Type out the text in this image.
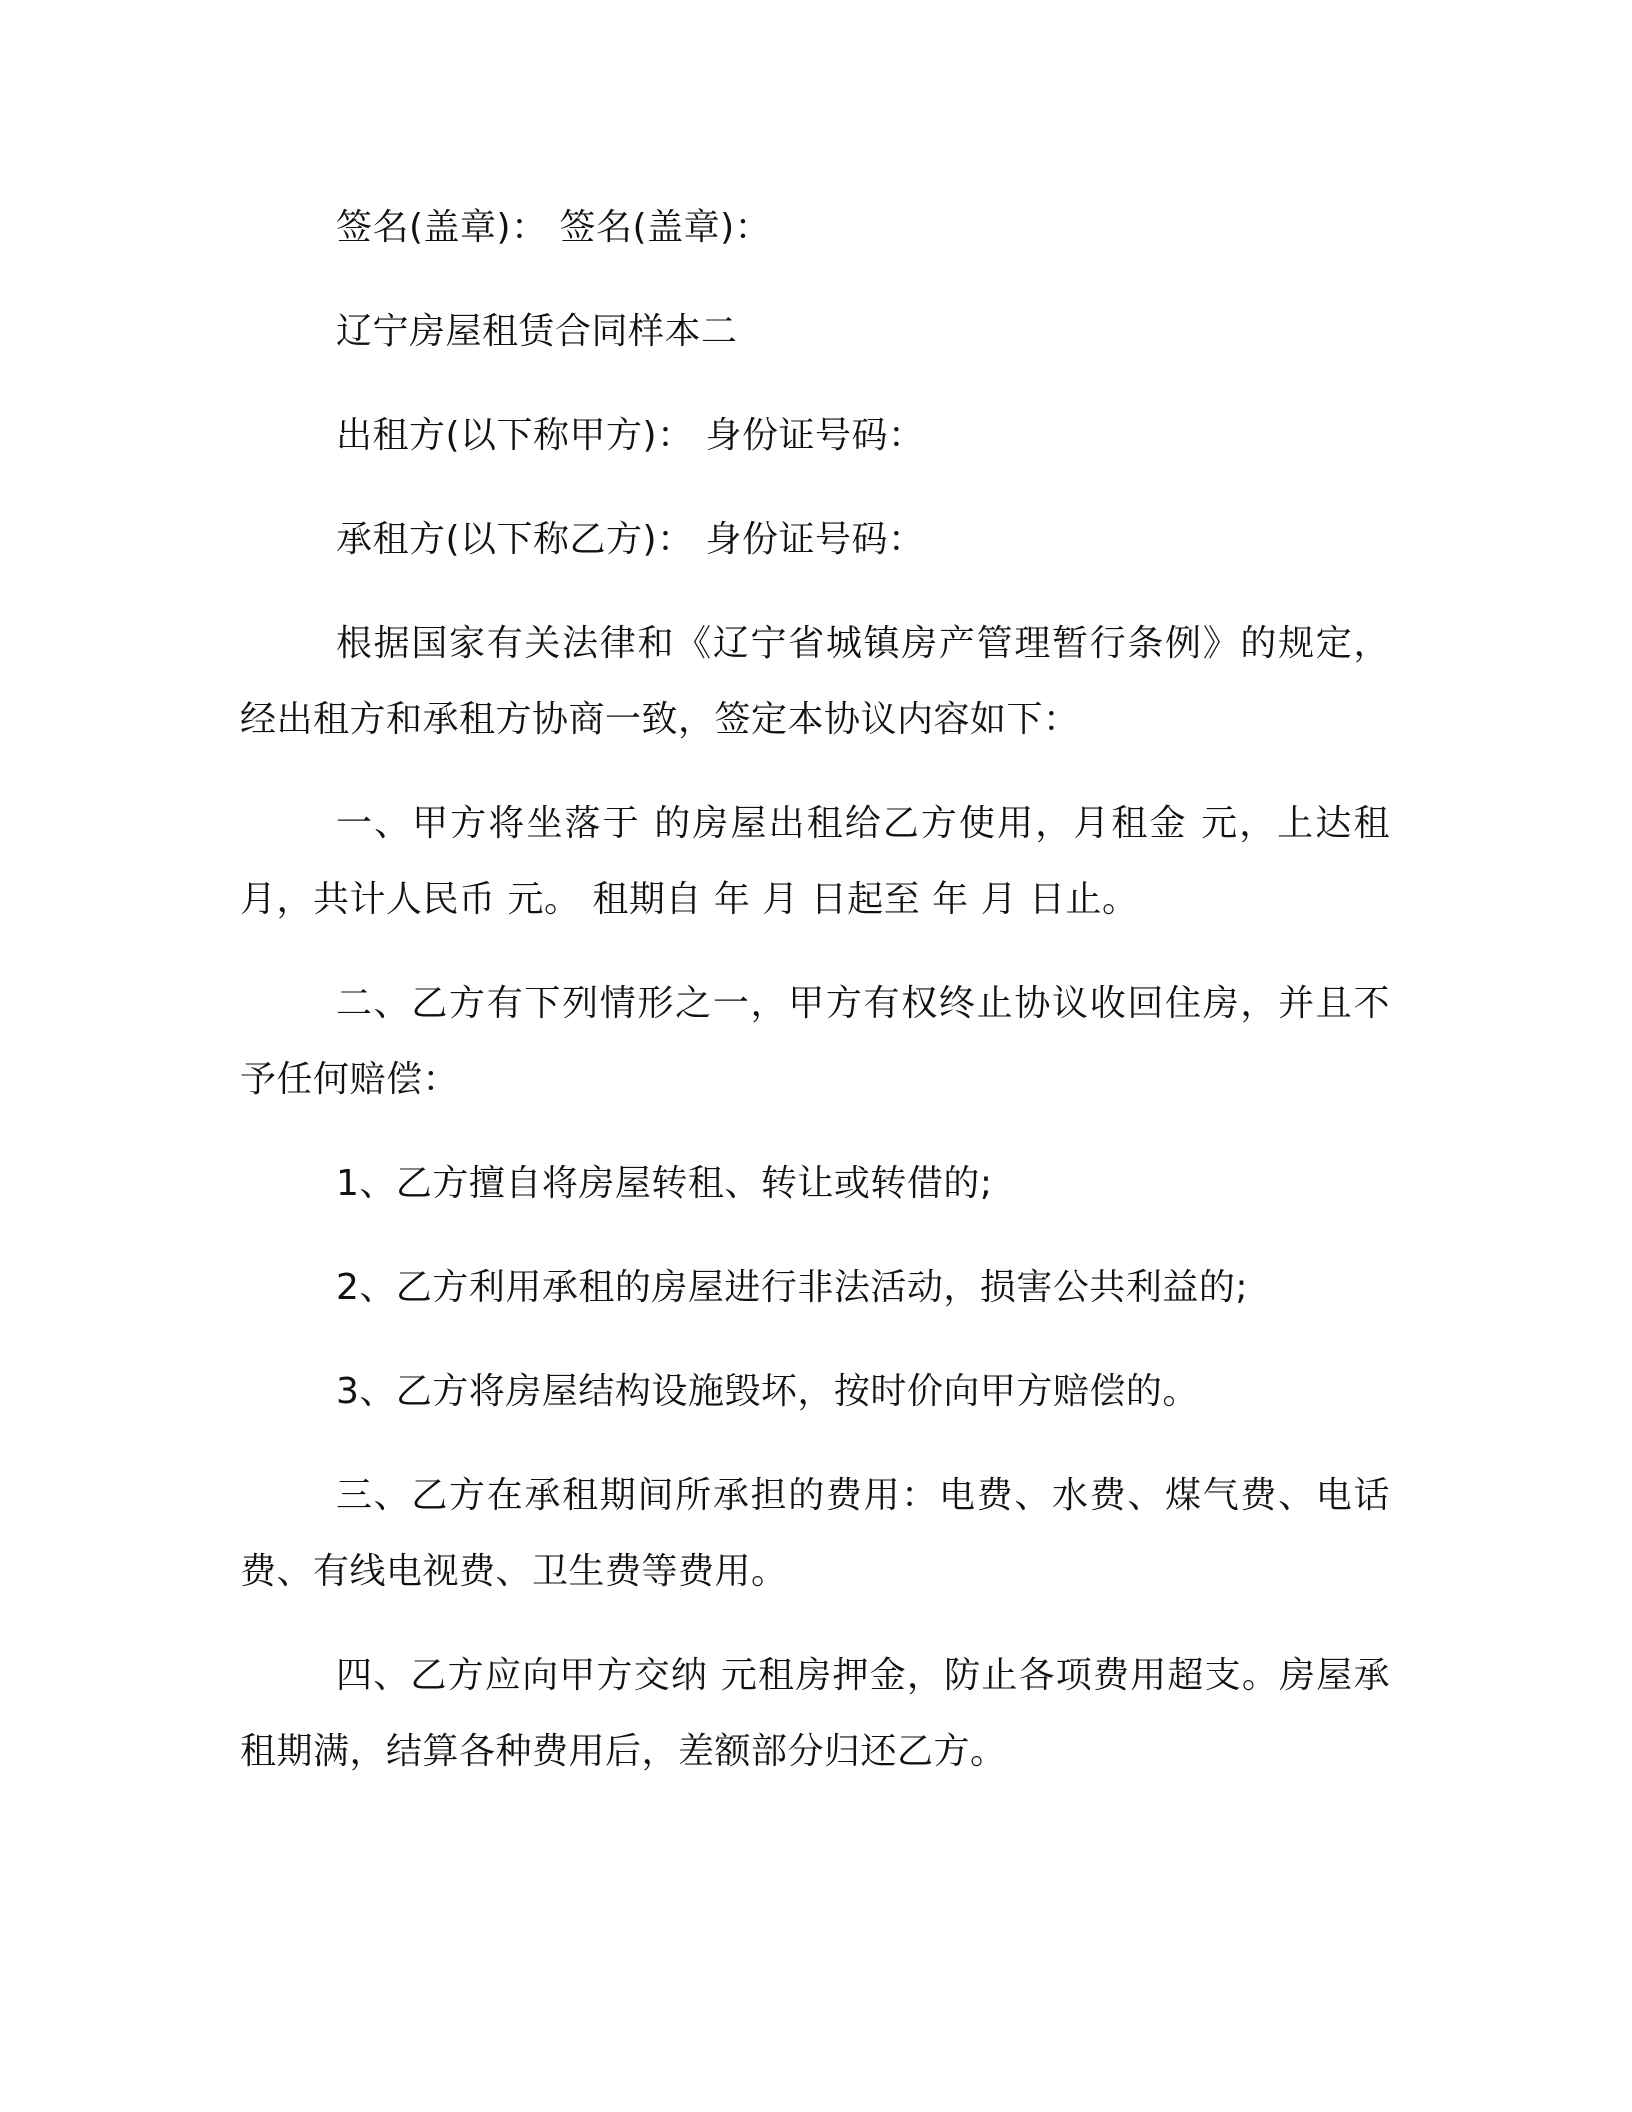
签名(盖章)： 签名(盖章)：

辽宁房屋租赁合同样本二

出租方(以下称甲方)： 身份证号码：

承租方(以下称乙方)： 身份证号码：

根据国家有关法律和《辽宁省城镇房产管理暂行条例》的规定，经出租方和承租方协商一致，签定本协议内容如下：

一、甲方将坐落于 的房屋出租给乙方使用，月租金 元，上达租月，共计人民币 元。 租期自 年 月 日起至 年 月 日止。

二、乙方有下列情形之一，甲方有权终止协议收回住房，并且不予任何赔偿：

1、乙方擅自将房屋转租、转让或转借的;

2、乙方利用承租的房屋进行非法活动，损害公共利益的;

3、乙方将房屋结构设施毁坏，按时价向甲方赔偿的。

三、乙方在承租期间所承担的费用：电费、水费、煤气费、电话费、有线电视费、卫生费等费用。

四、乙方应向甲方交纳 元租房押金，防止各项费用超支。房屋承租期满，结算各种费用后，差额部分归还乙方。
